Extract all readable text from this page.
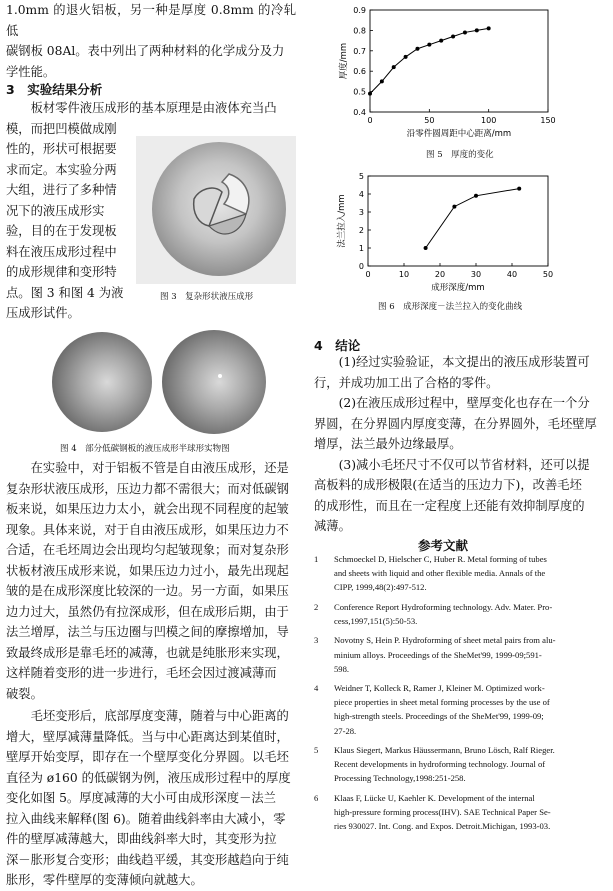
1.0mm 的退火铝板，另一种是厚度 0.8mm 的冷轧低

碳钢板 08Al。表中列出了两种材料的化学成分及力

学性能。

3　实验结果分析

板材零件液压成形的基本原理是由液体充当凸

模，而把凹模做成刚

性的，形状可根据要

求而定。本实验分两

大组，进行了多种情

况下的液压成形实

验，目的在于发现板

料在液压成形过程中

的成形规律和变形特

点。图 3 和图 4 为液

压成形试件。

图 3　复杂形状液压成形
图 4　部分低碳钢板的液压成形半球形实物图

在实验中，对于铝板不管是自由液压成形，还是

复杂形状液压成形，压边力都不需很大；而对低碳钢

板来说，如果压边力太小，就会出现不同程度的起皱

现象。具体来说，对于自由液压成形，如果压边力不

合适，在毛坯周边会出现均匀起皱现象；而对复杂形

状板材液压成形来说，如果压边力过小，最先出现起

皱的是在成形深度比较深的一边。另一方面，如果压

边力过大，虽然仍有拉深成形，但在成形后期，由于

法兰增厚，法兰与压边圈与凹模之间的摩擦增加，导

致最终成形是靠毛坯的减薄，也就是纯胀形来实现，

这样随着变形的进一步进行，毛坯会因过渡减薄而

破裂。

毛坯变形后，底部厚度变薄，随着与中心距离的

增大，壁厚减薄量降低。当与中心距离达到某值时，

壁厚开始变厚，即存在一个壁厚变化分界圆。以毛坯

直径为 ø160 的低碳钢为例，液压成形过程中的厚度

变化如图 5。厚度减薄的大小可由成形深度－法兰

拉入曲线来解释(图 6)。随着曲线斜率由大减小，零

件的壁厚减薄越大，即曲线斜率大时，其变形为拉

深－胀形复合变形；曲线趋平缓，其变形越趋向于纯

胀形，零件壁厚的变薄倾向就越大。

0	50	100	150
0.4
0.5
0.6
0.7
0.8
0.9
沿零件圆周距中心距离/mm
厚度/mm
图 5　厚度的变化
0	10	20	30	40	50
0
1
2
3
4
5
成形深度/mm
法兰拉入/mm
图 6　成形深度－法兰拉入的变化曲线
4　结论

(1)经过实验验证，本文提出的液压成形装置可

行，并成功加工出了合格的零件。

(2)在液压成形过程中，壁厚变化也存在一个分

界圆，在分界圆内厚度变薄，在分界圆外，毛坯壁厚

增厚，法兰最外边缘最厚。

(3)减小毛坯尺寸不仅可以节省材料，还可以提

高板料的成形极限(在适当的压边力下)，改善毛坯

的成形性，而且在一定程度上还能有效抑制厚度的

减薄。

参考文献
1 Schmoeckel D, Hielscher C, Huber R. Metal forming of tubes
and sheets with liquid and other flexible media. Annals of the
CIPP, 1999,48(2):497-512.
2 Conference Report Hydroforming technology. Adv. Mater. Pro-
cess,1997,151(5):50-53.
3 Novotny S, Hein P. Hydroforming of sheet metal pairs from alu-
minium alloys. Proceedings of the SheMet'99, 1999-09;591-
598.
4 Weidner T, Kolleck R, Ramer J, Kleiner M. Optimized work-
piece properties in sheet metal forming processes by the use of
high-strength steels. Proceedings of the SheMet'99, 1999-09;
27-28.
5 Klaus Siegert, Markus Häussermann, Bruno Lösch, Ralf Rieger.
Recent developments in hydroforming technology. Journal of
Processing Technology,1998:251-258.
6 Klaas F, Lücke U, Kaehler K. Development of the internal
high-pressure forming process(IHV). SAE Technical Paper Se-
ries 930027. Int. Cong. and Expos. Detroit.Michigan, 1993-03.
